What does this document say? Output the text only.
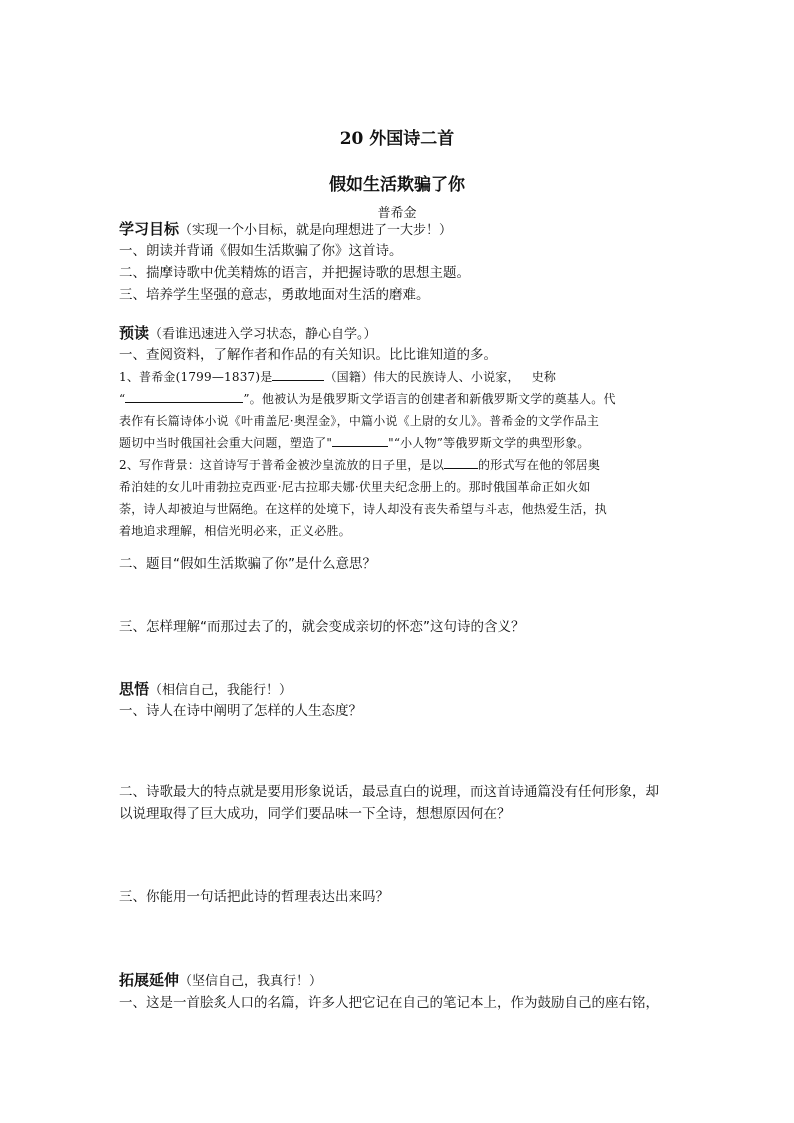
20 外国诗二首
假如生活欺骗了你
普希金
学习目标（实现一个小目标，就是向理想进了一大步！）
一、朗读并背诵《假如生活欺骗了你》这首诗。
二、揣摩诗歌中优美精炼的语言，并把握诗歌的思想主题。
三、培养学生坚强的意志，勇敢地面对生活的磨难。
预读（看谁迅速进入学习状态，静心自学。）
一、查阅资料，了解作者和作品的有关知识。比比谁知道的多。
1、普希金(1799—1837)是	（国籍）伟大的民族诗人、小说家， 史称
“	”。他被认为是俄罗斯文学语言的创建者和新俄罗斯文学的奠基人。代
表作有长篇诗体小说《叶甫盖尼·奥涅金》，中篇小说《上尉的女儿》。普希金的文学作品主
题切中当时俄国社会重大问题，塑造了"	"“小人物”等俄罗斯文学的典型形象。
2、写作背景：这首诗写于普希金被沙皇流放的日子里，是以	的形式写在他的邻居奥
希泊娃的女儿叶甫勃拉克西亚·尼古拉耶夫娜·伏里夫纪念册上的。那时俄国革命正如火如
荼，诗人却被迫与世隔绝。在这样的处境下，诗人却没有丧失希望与斗志，他热爱生活，执
着地追求理解，相信光明必来，正义必胜。
二、题目“假如生活欺骗了你”是什么意思？
三、怎样理解“而那过去了的，就会变成亲切的怀恋”这句诗的含义？
思悟（相信自己，我能行！）
一、诗人在诗中阐明了怎样的人生态度？
二、诗歌最大的特点就是要用形象说话，最忌直白的说理，而这首诗通篇没有任何形象，却
以说理取得了巨大成功，同学们要品味一下全诗，想想原因何在？
三、你能用一句话把此诗的哲理表达出来吗？
拓展延伸（坚信自己，我真行！）
一、这是一首脍炙人口的名篇，许多人把它记在自己的笔记本上，作为鼓励自己的座右铭，
